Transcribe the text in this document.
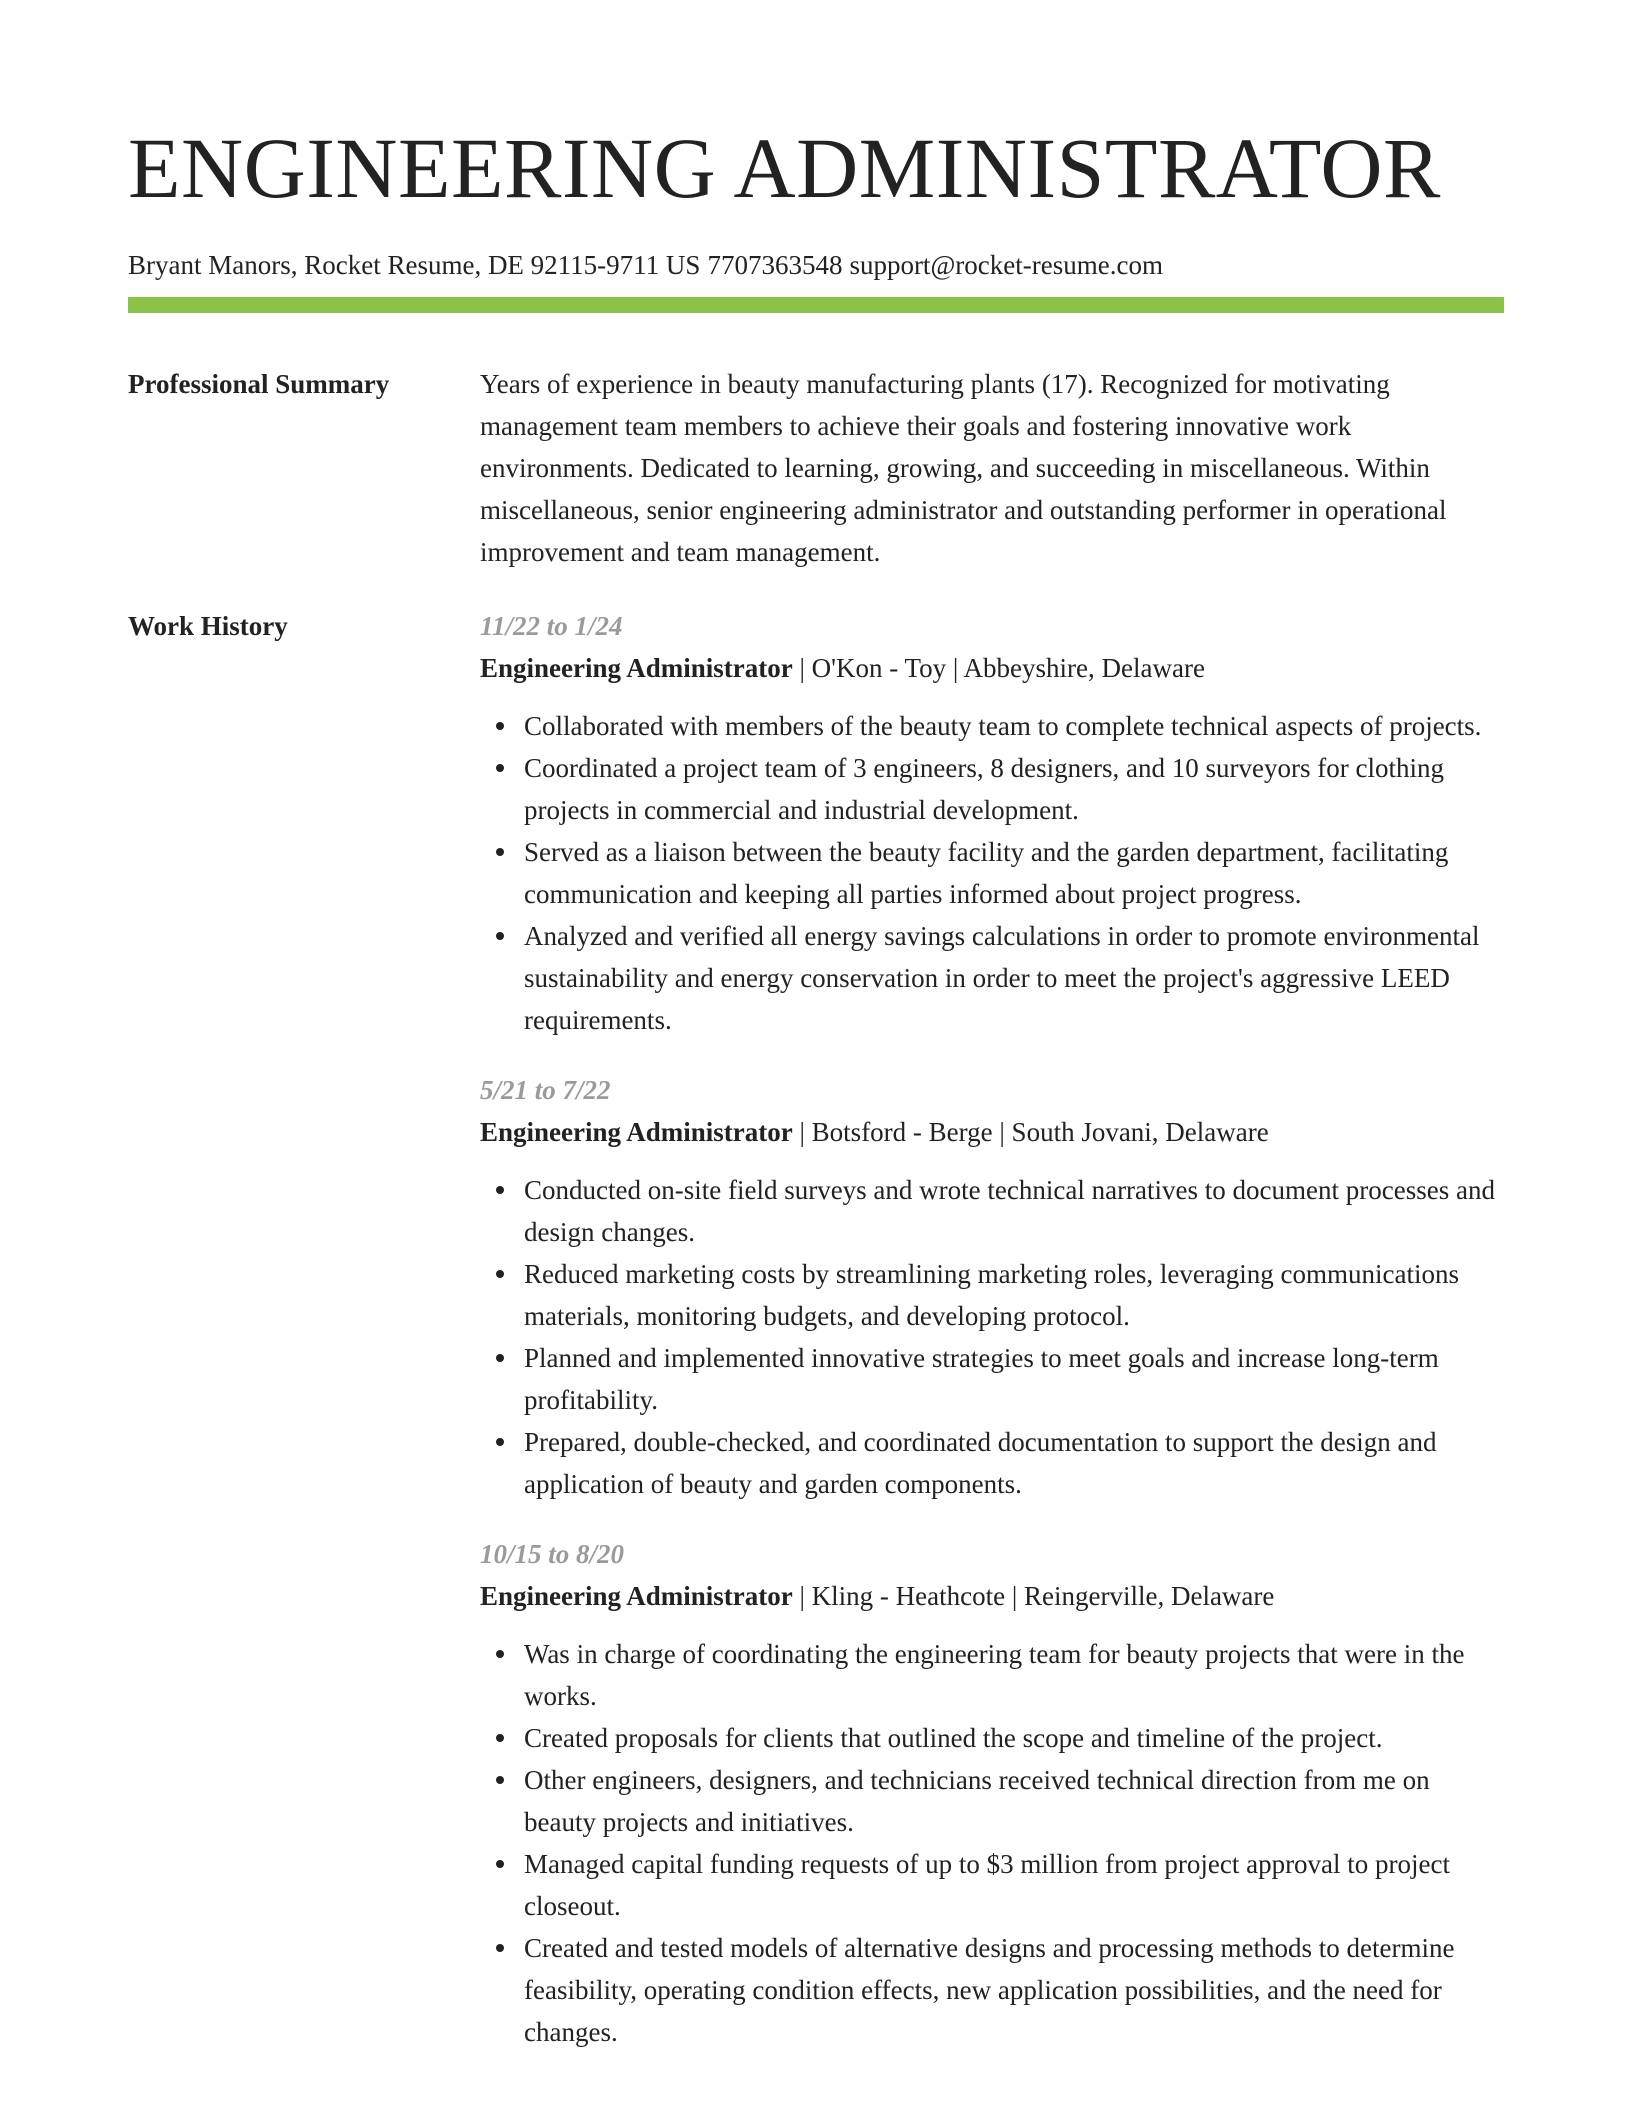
ENGINEERING ADMINISTRATOR
Bryant Manors, Rocket Resume, DE 92115-9711 US 7707363548 support@rocket-resume.com
Professional Summary	Years of experience in beauty manufacturing plants (17). Recognized for motivating management team members to achieve their goals and fostering innovative work environments. Dedicated to learning, growing, and succeeding in miscellaneous. Within miscellaneous, senior engineering administrator and outstanding performer in operational improvement and team management.
Work History	11/22 to 1/24
Engineering Administrator | O'Kon - Toy | Abbeyshire, Delaware
Collaborated with members of the beauty team to complete technical aspects of projects.
Coordinated a project team of 3 engineers, 8 designers, and 10 surveyors for clothing projects in commercial and industrial development.
Served as a liaison between the beauty facility and the garden department, facilitating communication and keeping all parties informed about project progress.
Analyzed and verified all energy savings calculations in order to promote environmental sustainability and energy conservation in order to meet the project's aggressive LEED requirements.
5/21 to 7/22
Engineering Administrator | Botsford - Berge | South Jovani, Delaware
Conducted on-site field surveys and wrote technical narratives to document processes and design changes.
Reduced marketing costs by streamlining marketing roles, leveraging communications materials, monitoring budgets, and developing protocol.
Planned and implemented innovative strategies to meet goals and increase long-term profitability.
Prepared, double-checked, and coordinated documentation to support the design and application of beauty and garden components.
10/15 to 8/20
Engineering Administrator | Kling - Heathcote | Reingerville, Delaware
Was in charge of coordinating the engineering team for beauty projects that were in the works.
Created proposals for clients that outlined the scope and timeline of the project.
Other engineers, designers, and technicians received technical direction from me on beauty projects and initiatives.
Managed capital funding requests of up to $3 million from project approval to project closeout.
Created and tested models of alternative designs and processing methods to determine feasibility, operating condition effects, new application possibilities, and the need for changes.
